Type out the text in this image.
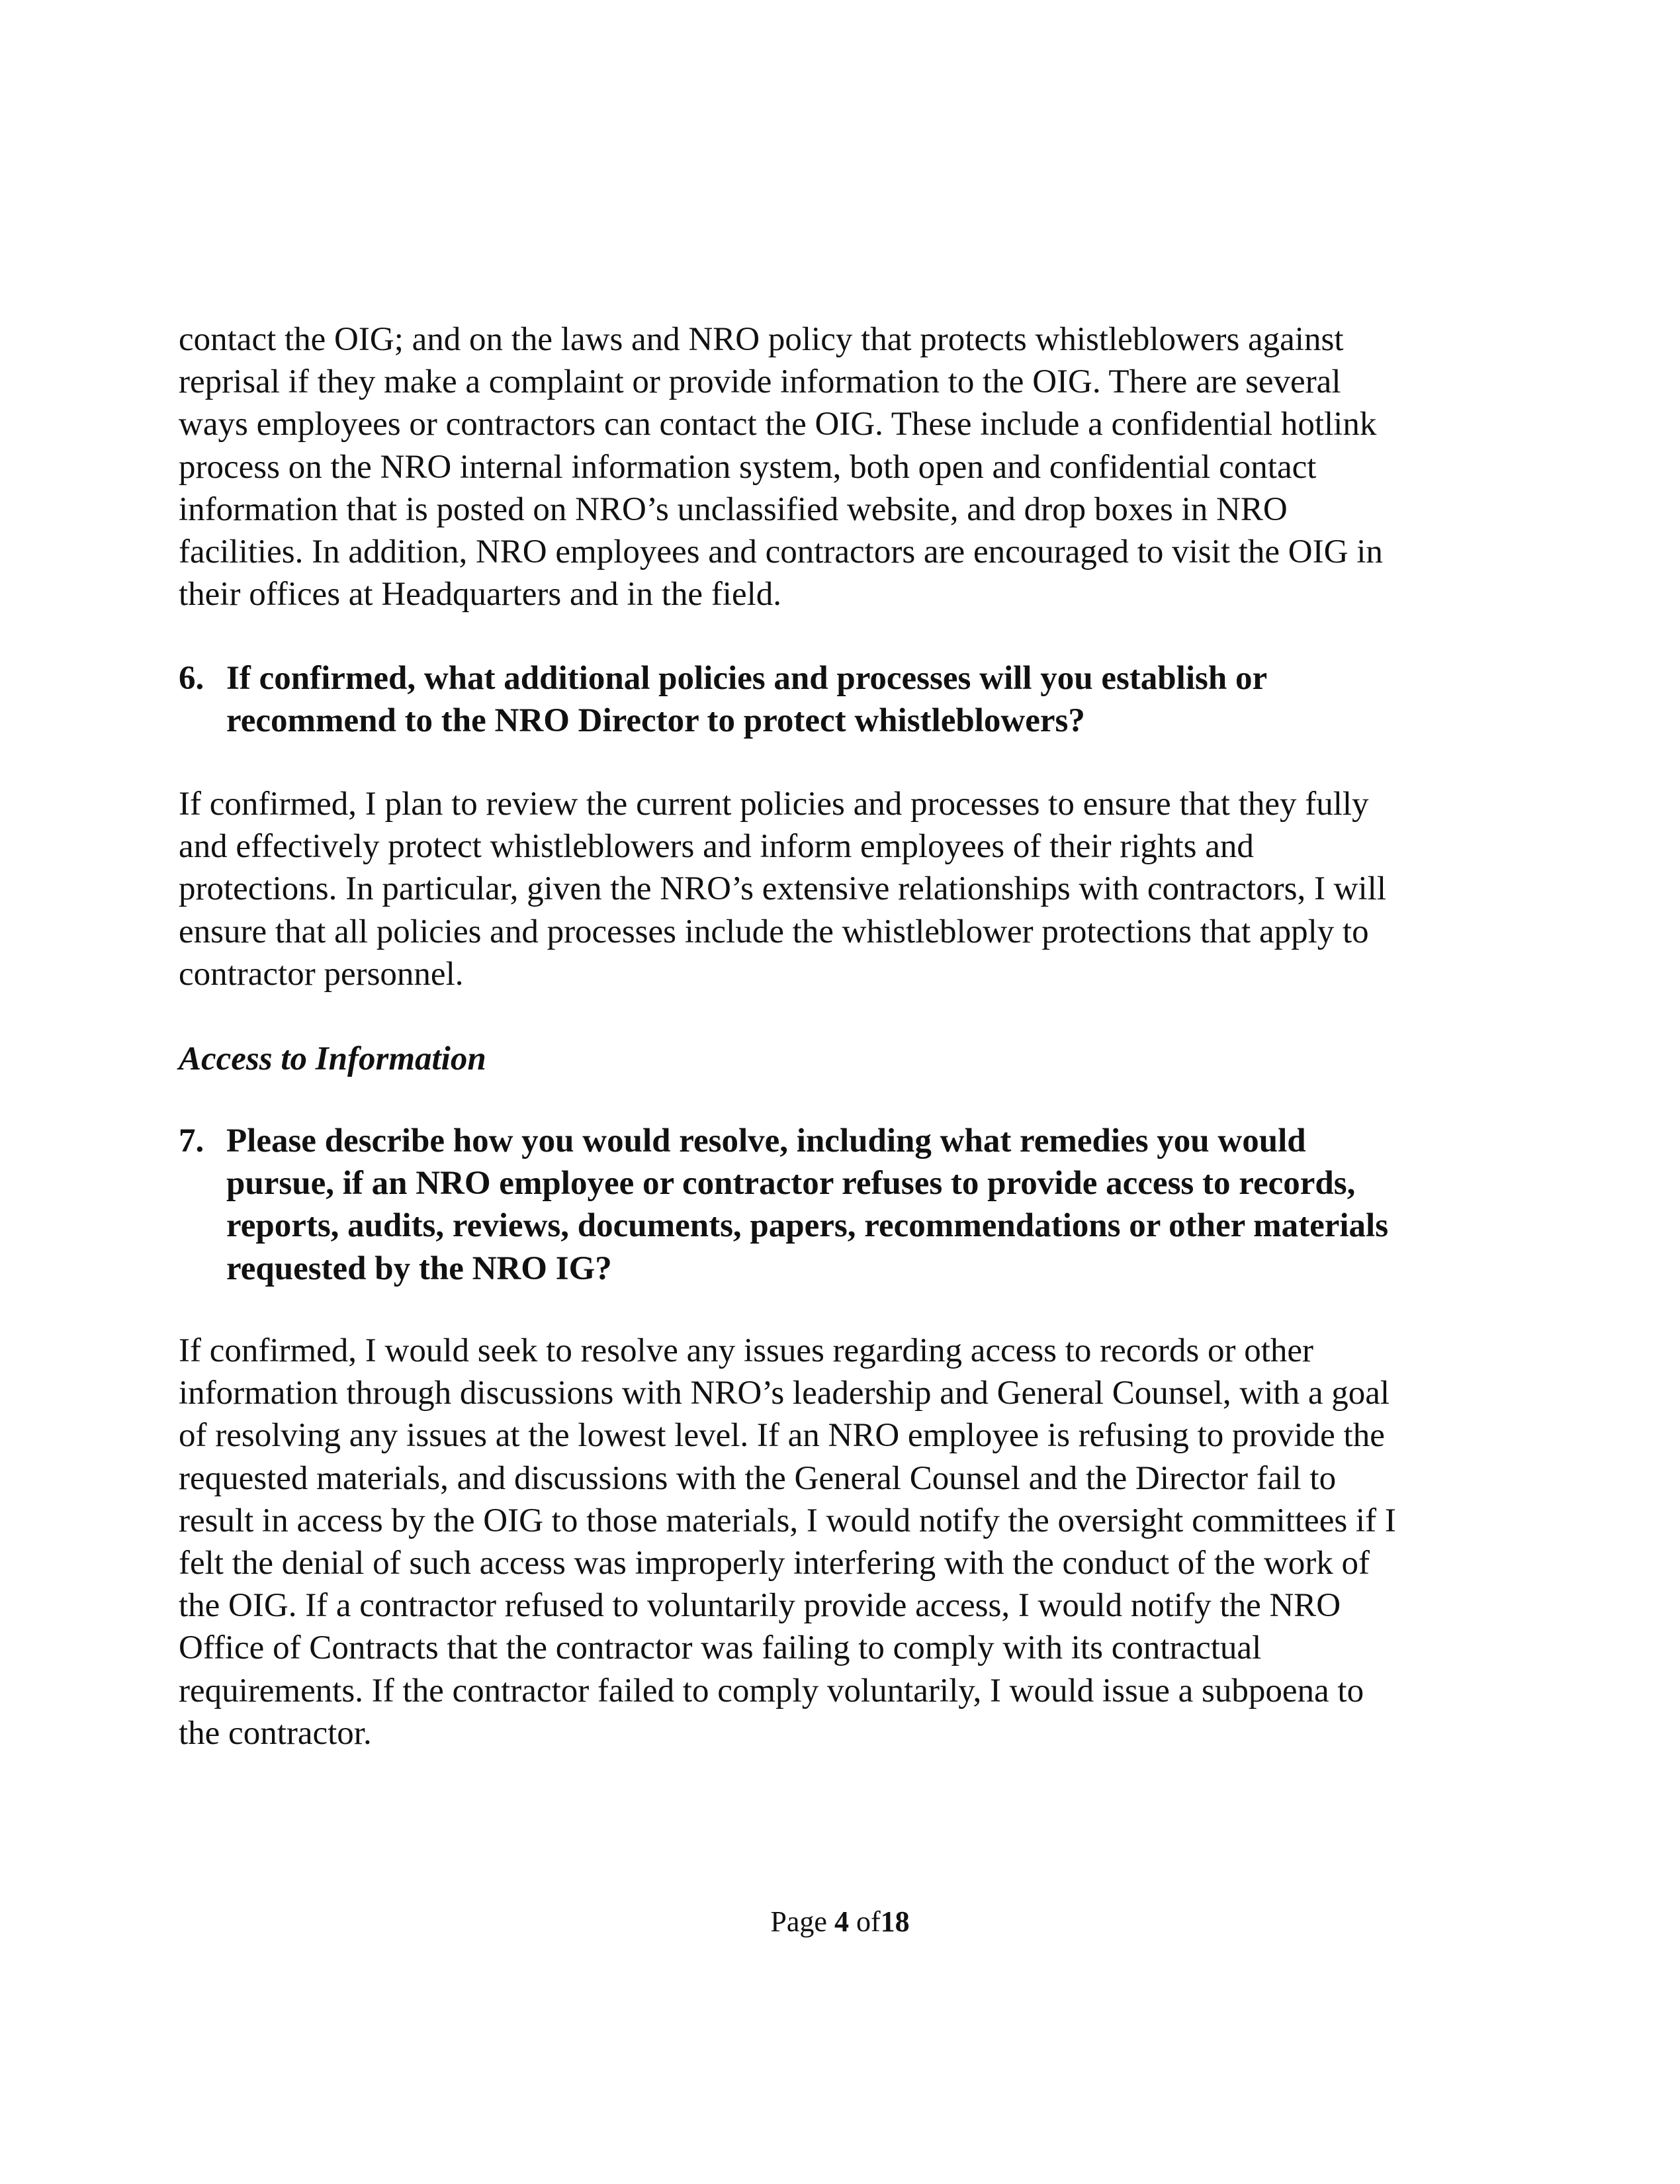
contact the OIG; and on the laws and NRO policy that protects whistleblowers against
reprisal if they make a complaint or provide information to the OIG. There are several
ways employees or contractors can contact the OIG. These include a confidential hotlink
process on the NRO internal information system, both open and confidential contact
information that is posted on NRO’s unclassified website, and drop boxes in NRO
facilities. In addition, NRO employees and contractors are encouraged to visit the OIG in
their offices at Headquarters and in the field.
6. If confirmed, what additional policies and processes will you establish or
recommend to the NRO Director to protect whistleblowers?
If confirmed, I plan to review the current policies and processes to ensure that they fully
and effectively protect whistleblowers and inform employees of their rights and
protections. In particular, given the NRO’s extensive relationships with contractors, I will
ensure that all policies and processes include the whistleblower protections that apply to
contractor personnel.
Access to Information
7. Please describe how you would resolve, including what remedies you would
pursue, if an NRO employee or contractor refuses to provide access to records,
reports, audits, reviews, documents, papers, recommendations or other materials
requested by the NRO IG?
If confirmed, I would seek to resolve any issues regarding access to records or other
information through discussions with NRO’s leadership and General Counsel, with a goal
of resolving any issues at the lowest level. If an NRO employee is refusing to provide the
requested materials, and discussions with the General Counsel and the Director fail to
result in access by the OIG to those materials, I would notify the oversight committees if I
felt the denial of such access was improperly interfering with the conduct of the work of
the OIG. If a contractor refused to voluntarily provide access, I would notify the NRO
Office of Contracts that the contractor was failing to comply with its contractual
requirements. If the contractor failed to comply voluntarily, I would issue a subpoena to
the contractor.
Page 4 of18
